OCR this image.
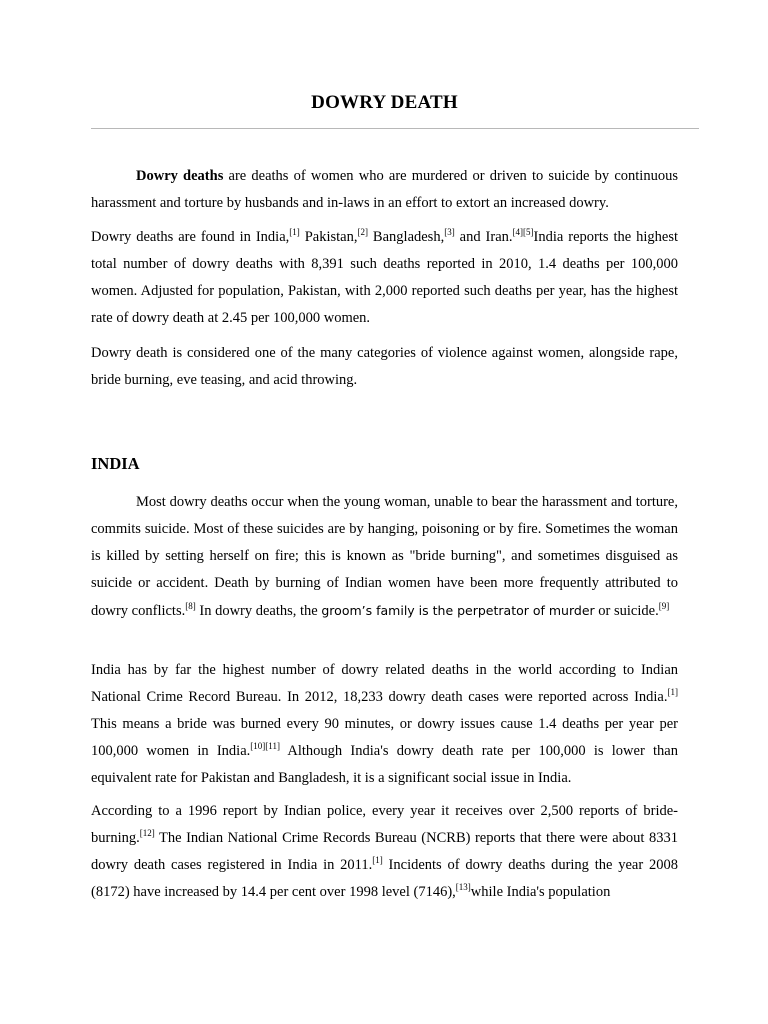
DOWRY DEATH

Dowry deaths are deaths of women who are murdered or driven to suicide by continuous harassment and torture by husbands and in-laws in an effort to extort an increased dowry.

Dowry deaths are found in India,[1] Pakistan,[2] Bangladesh,[3] and Iran.[4][5]India reports the highest total number of dowry deaths with 8,391 such deaths reported in 2010, 1.4 deaths per 100,000 women. Adjusted for population, Pakistan, with 2,000 reported such deaths per year, has the highest rate of dowry death at 2.45 per 100,000 women.

Dowry death is considered one of the many categories of violence against women, alongside rape, bride burning, eve teasing, and acid throwing.

INDIA

Most dowry deaths occur when the young woman, unable to bear the harassment and torture, commits suicide. Most of these suicides are by hanging, poisoning or by fire. Sometimes the woman is killed by setting herself on fire; this is known as "bride burning", and sometimes disguised as suicide or accident. Death by burning of Indian women have been more frequently attributed to dowry conflicts.[8] In dowry deaths, the groom’s family is the perpetrator of murder or suicide.[9]

India has by far the highest number of dowry related deaths in the world according to Indian National Crime Record Bureau. In 2012, 18,233 dowry death cases were reported across India.[1] This means a bride was burned every 90 minutes, or dowry issues cause 1.4 deaths per year per 100,000 women in India.[10][11] Although India's dowry death rate per 100,000 is lower than equivalent rate for Pakistan and Bangladesh, it is a significant social issue in India.

According to a 1996 report by Indian police, every year it receives over 2,500 reports of bride-burning.[12] The Indian National Crime Records Bureau (NCRB) reports that there were about 8331 dowry death cases registered in India in 2011.[1] Incidents of dowry deaths during the year 2008 (8172) have increased by 14.4 per cent over 1998 level (7146),[13]while India's population
